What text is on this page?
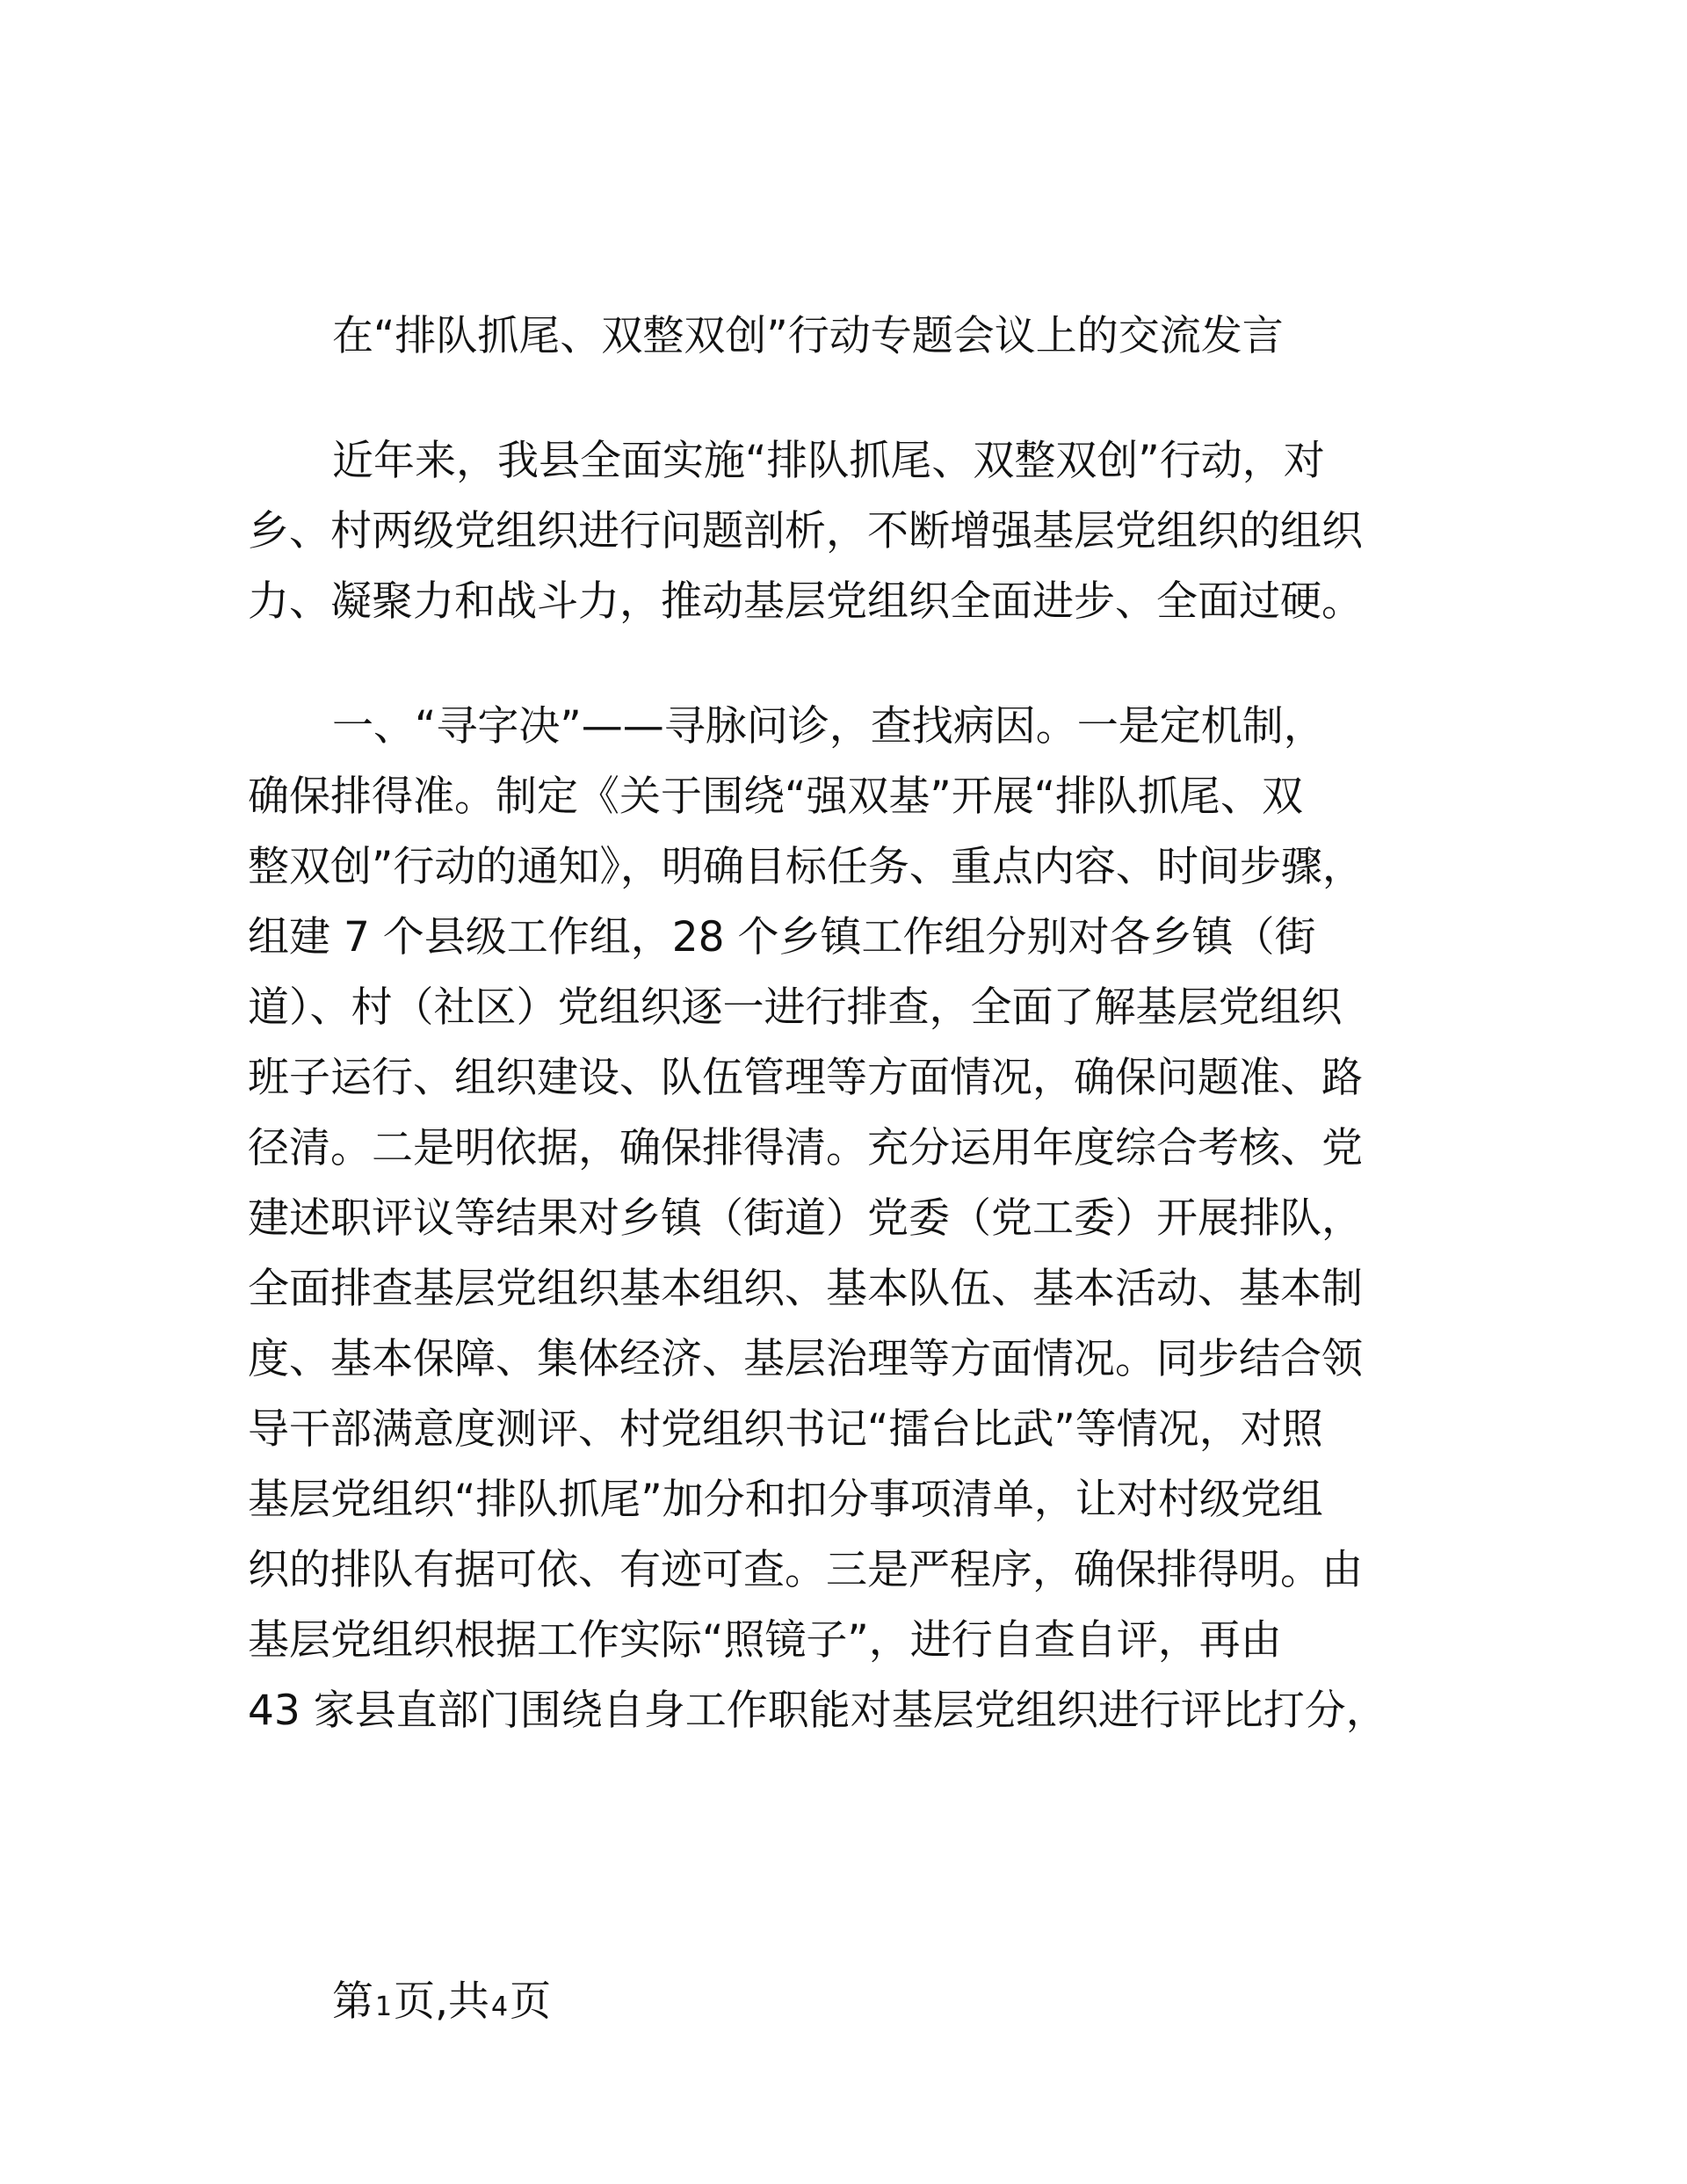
在“排队抓尾、双整双创”行动专题会议上的交流发言
近年来，我县全面实施“排队抓尾、双整双创”行动，对
乡、村两级党组织进行问题剖析，不断增强基层党组织的组织
力、凝聚力和战斗力，推动基层党组织全面进步、全面过硬。
一、“寻字决”——寻脉问诊，查找病因。一是定机制，
确保排得准。制定《关于围绕“强双基”开展“排队抓尾、双
整双创”行动的通知》，明确目标任务、重点内容、时间步骤，
组建 7 个县级工作组，28 个乡镇工作组分别对各乡镇（街
道）、村（社区）党组织逐一进行排查，全面了解基层党组织
班子运行、组织建设、队伍管理等方面情况，确保问题准、路
径清。二是明依据，确保排得清。充分运用年度综合考核、党
建述职评议等结果对乡镇（街道）党委（党工委）开展排队，
全面排查基层党组织基本组织、基本队伍、基本活动、基本制
度、基本保障、集体经济、基层治理等方面情况。同步结合领
导干部满意度测评、村党组织书记“擂台比武”等情况，对照
基层党组织“排队抓尾”加分和扣分事项清单，让对村级党组
织的排队有据可依、有迹可查。三是严程序，确保排得明。由
基层党组织根据工作实际“照镜子”，进行自查自评，再由
43 家县直部门围绕自身工作职能对基层党组织进行评比打分，
第1页,共4页
